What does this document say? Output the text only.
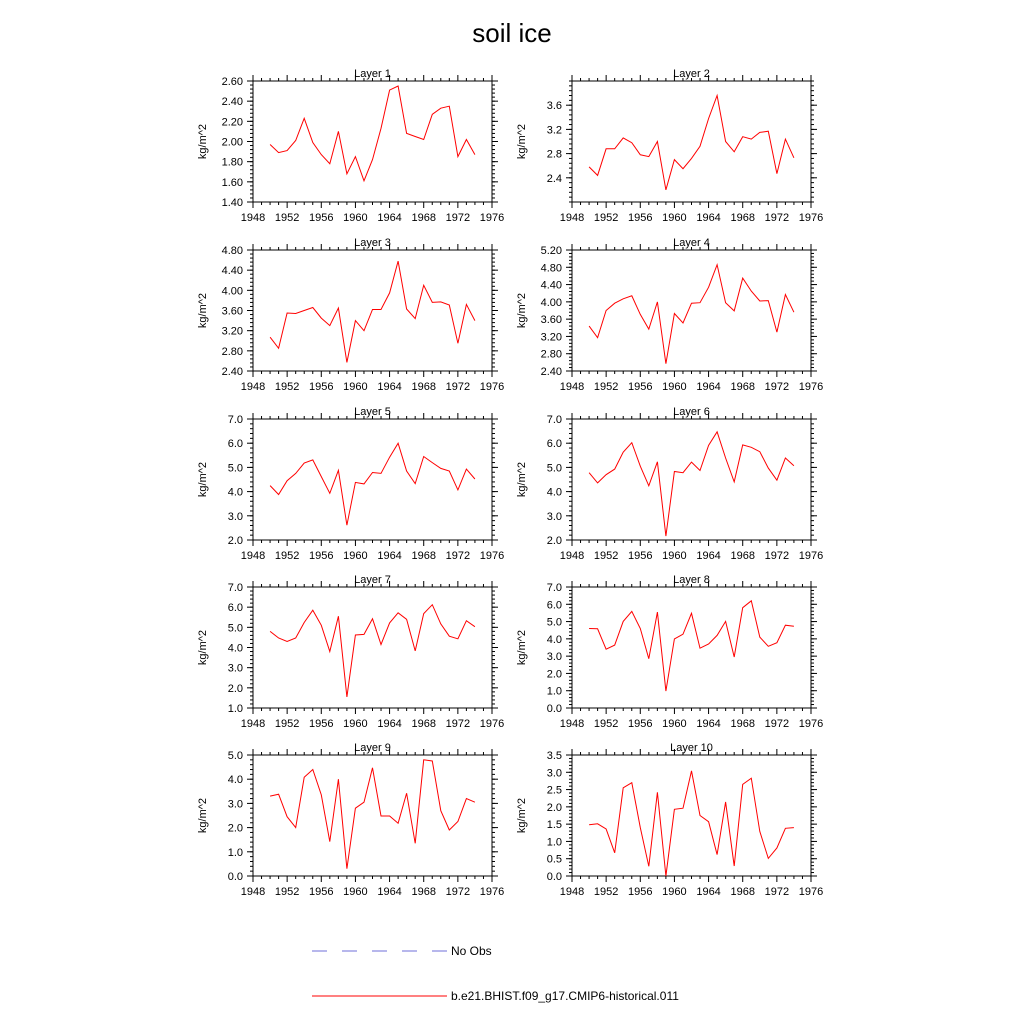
soil ice
Layer 1
1948 1952 1956 1960 1964 1968 1972 1976
1.40
1.60
1.80
2.00
2.20
2.40
2.60
kg/m^2
Layer 2
1948 1952 1956 1960 1964 1968 1972 1976
2.4
2.8
3.2
3.6
kg/m^2
Layer 3
1948 1952 1956 1960 1964 1968 1972 1976
2.40
2.80
3.20
3.60
4.00
4.40
4.80
kg/m^2
Layer 4
1948 1952 1956 1960 1964 1968 1972 1976
2.40
2.80
3.20
3.60
4.00
4.40
4.80
5.20
kg/m^2
Layer 5
1948 1952 1956 1960 1964 1968 1972 1976
2.0
3.0
4.0
5.0
6.0
7.0
kg/m^2
Layer 6
1948 1952 1956 1960 1964 1968 1972 1976
2.0
3.0
4.0
5.0
6.0
7.0
kg/m^2
Layer 7
1948 1952 1956 1960 1964 1968 1972 1976
1.0
2.0
3.0
4.0
5.0
6.0
7.0
kg/m^2
Layer 8
1948 1952 1956 1960 1964 1968 1972 1976
0.0
1.0
2.0
3.0
4.0
5.0
6.0
7.0
kg/m^2
Layer 9
1948 1952 1956 1960 1964 1968 1972 1976
0.0
1.0
2.0
3.0
4.0
5.0
kg/m^2
Layer 10
1948 1952 1956 1960 1964 1968 1972 1976
0.0
0.5
1.0
1.5
2.0
2.5
3.0
3.5
kg/m^2
No Obs
b.e21.BHIST.f09_g17.CMIP6-historical.011
